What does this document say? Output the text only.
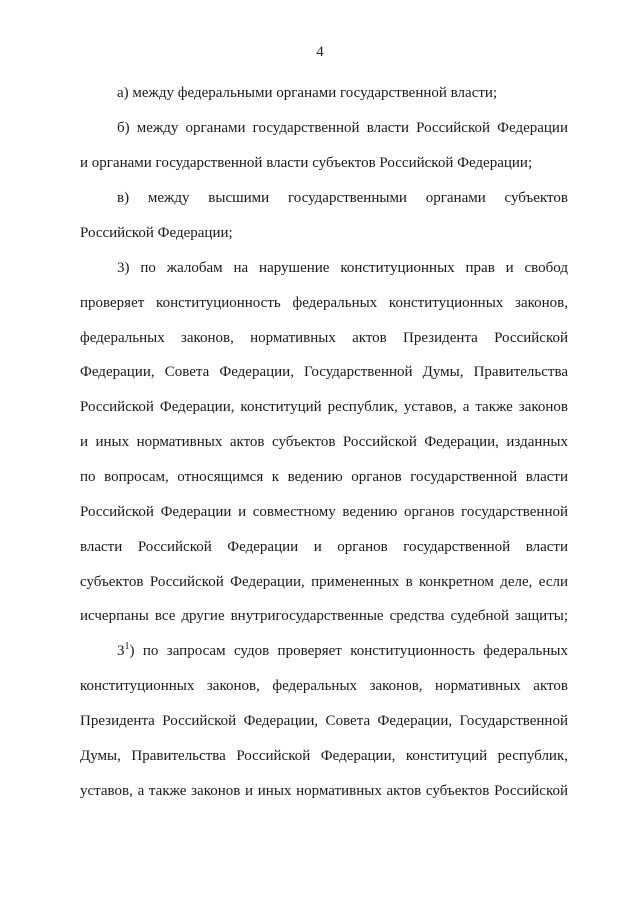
4
а) между федеральными органами государственной власти;
б) между органами государственной власти Российской Федерации
и органами государственной власти субъектов Российской Федерации;
в) между высшими государственными органами субъектов
Российской Федерации;
3) по жалобам на нарушение конституционных прав и свобод
проверяет конституционность федеральных конституционных законов,
федеральных законов, нормативных актов Президента Российской
Федерации, Совета Федерации, Государственной Думы, Правительства
Российской Федерации, конституций республик, уставов, а также законов
и иных нормативных актов субъектов Российской Федерации, изданных
по вопросам, относящимся к ведению органов государственной власти
Российской Федерации и совместному ведению органов государственной
власти Российской Федерации и органов государственной власти
субъектов Российской Федерации, примененных в конкретном деле, если
исчерпаны все другие внутригосударственные средства судебной защиты;
$3^1$) по запросам судов проверяет конституционность федеральных
конституционных законов, федеральных законов, нормативных актов
Президента Российской Федерации, Совета Федерации, Государственной
Думы, Правительства Российской Федерации, конституций республик,
уставов, а также законов и иных нормативных актов субъектов Российской
